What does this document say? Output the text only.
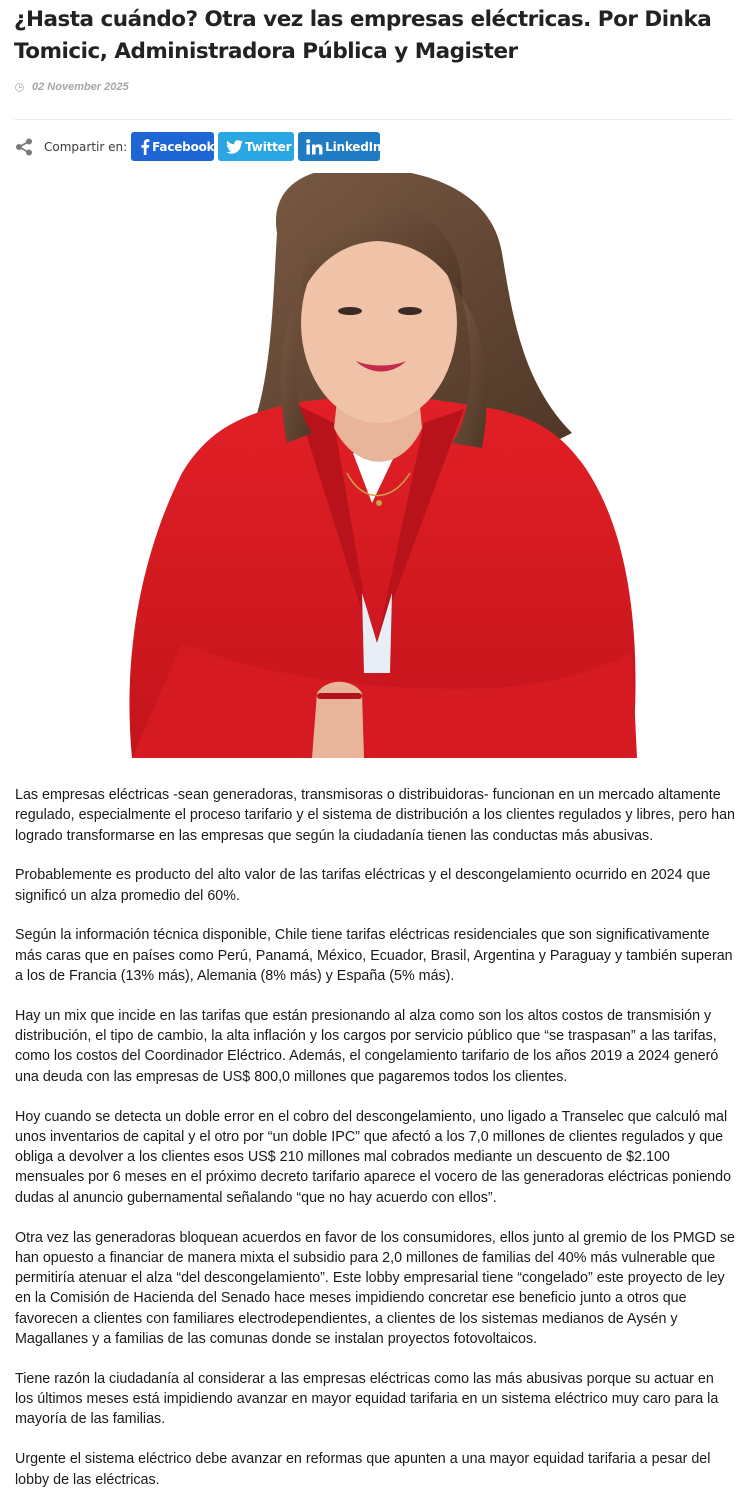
¿Hasta cuándo? Otra vez las empresas eléctricas. Por Dinka Tomicic, Administradora Pública y Magister
02 November 2025
Compartir en: Facebook	Twitter	LinkedIn

Las empresas eléctricas -sean generadoras, transmisoras o distribuidoras- funcionan en un mercado altamente regulado, especialmente el proceso tarifario y el sistema de distribución a los clientes regulados y libres, pero han logrado transformarse en las empresas que según la ciudadanía tienen las conductas más abusivas.

Probablemente es producto del alto valor de las tarifas eléctricas y el descongelamiento ocurrido en 2024 que significó un alza promedio del 60%.

Según la información técnica disponible, Chile tiene tarifas eléctricas residenciales que son significativamente más caras que en países como Perú, Panamá, México, Ecuador, Brasil, Argentina y Paraguay y también superan a los de Francia (13% más), Alemania (8% más) y España (5% más).

Hay un mix que incide en las tarifas que están presionando al alza como son los altos costos de transmisión y distribución, el tipo de cambio, la alta inflación y los cargos por servicio público que “se traspasan” a las tarifas, como los costos del Coordinador Eléctrico. Además, el congelamiento tarifario de los años 2019 a 2024 generó una deuda con las empresas de US$ 800,0 millones que pagaremos todos los clientes.

Hoy cuando se detecta un doble error en el cobro del descongelamiento, uno ligado a Transelec que calculó mal unos inventarios de capital y el otro por “un doble IPC” que afectó a los 7,0 millones de clientes regulados y que obliga a devolver a los clientes esos US$ 210 millones mal cobrados mediante un descuento de $2.100 mensuales por 6 meses en el próximo decreto tarifario aparece el vocero de las generadoras eléctricas poniendo dudas al anuncio gubernamental señalando “que no hay acuerdo con ellos”.

Otra vez las generadoras bloquean acuerdos en favor de los consumidores, ellos junto al gremio de los PMGD se han opuesto a financiar de manera mixta el subsidio para 2,0 millones de familias del 40% más vulnerable que permitiría atenuar el alza “del descongelamiento”. Este lobby empresarial tiene “congelado” este proyecto de ley en la Comisión de Hacienda del Senado hace meses impidiendo concretar ese beneficio junto a otros que favorecen a clientes con familiares electrodependientes, a clientes de los sistemas medianos de Aysén y Magallanes y a familias de las comunas donde se instalan proyectos fotovoltaicos.

Tiene razón la ciudadanía al considerar a las empresas eléctricas como las más abusivas porque su actuar en los últimos meses está impidiendo avanzar en mayor equidad tarifaria en un sistema eléctrico muy caro para la mayoría de las familias.

Urgente el sistema eléctrico debe avanzar en reformas que apunten a una mayor equidad tarifaria a pesar del lobby de las eléctricas.
